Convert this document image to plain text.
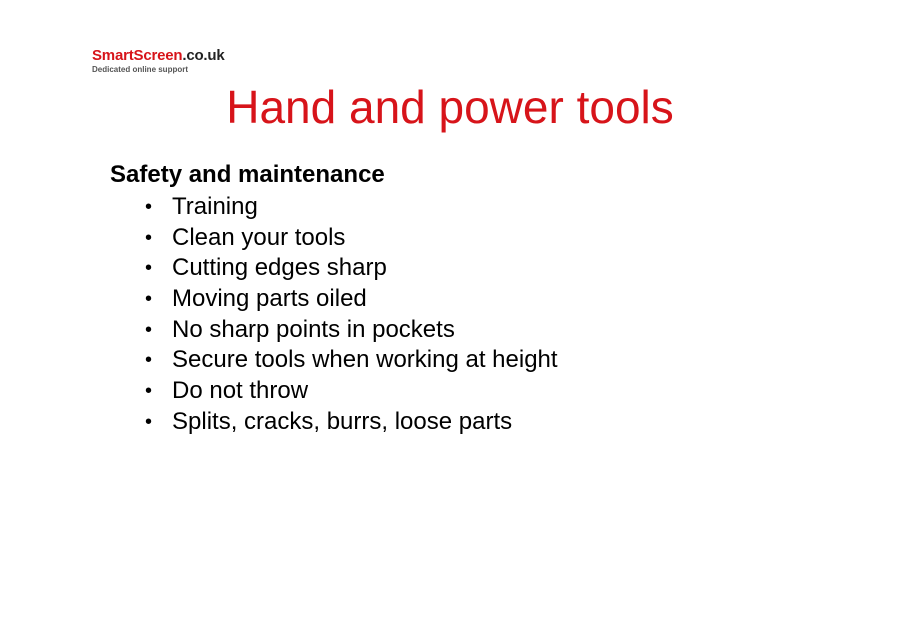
SmartScreen.co.uk
Dedicated online support
Hand and power tools
Safety and maintenance
• Training
• Clean your tools
• Cutting edges sharp
• Moving parts oiled
• No sharp points in pockets
• Secure tools when working at height
• Do not throw
• Splits, cracks, burrs, loose parts
